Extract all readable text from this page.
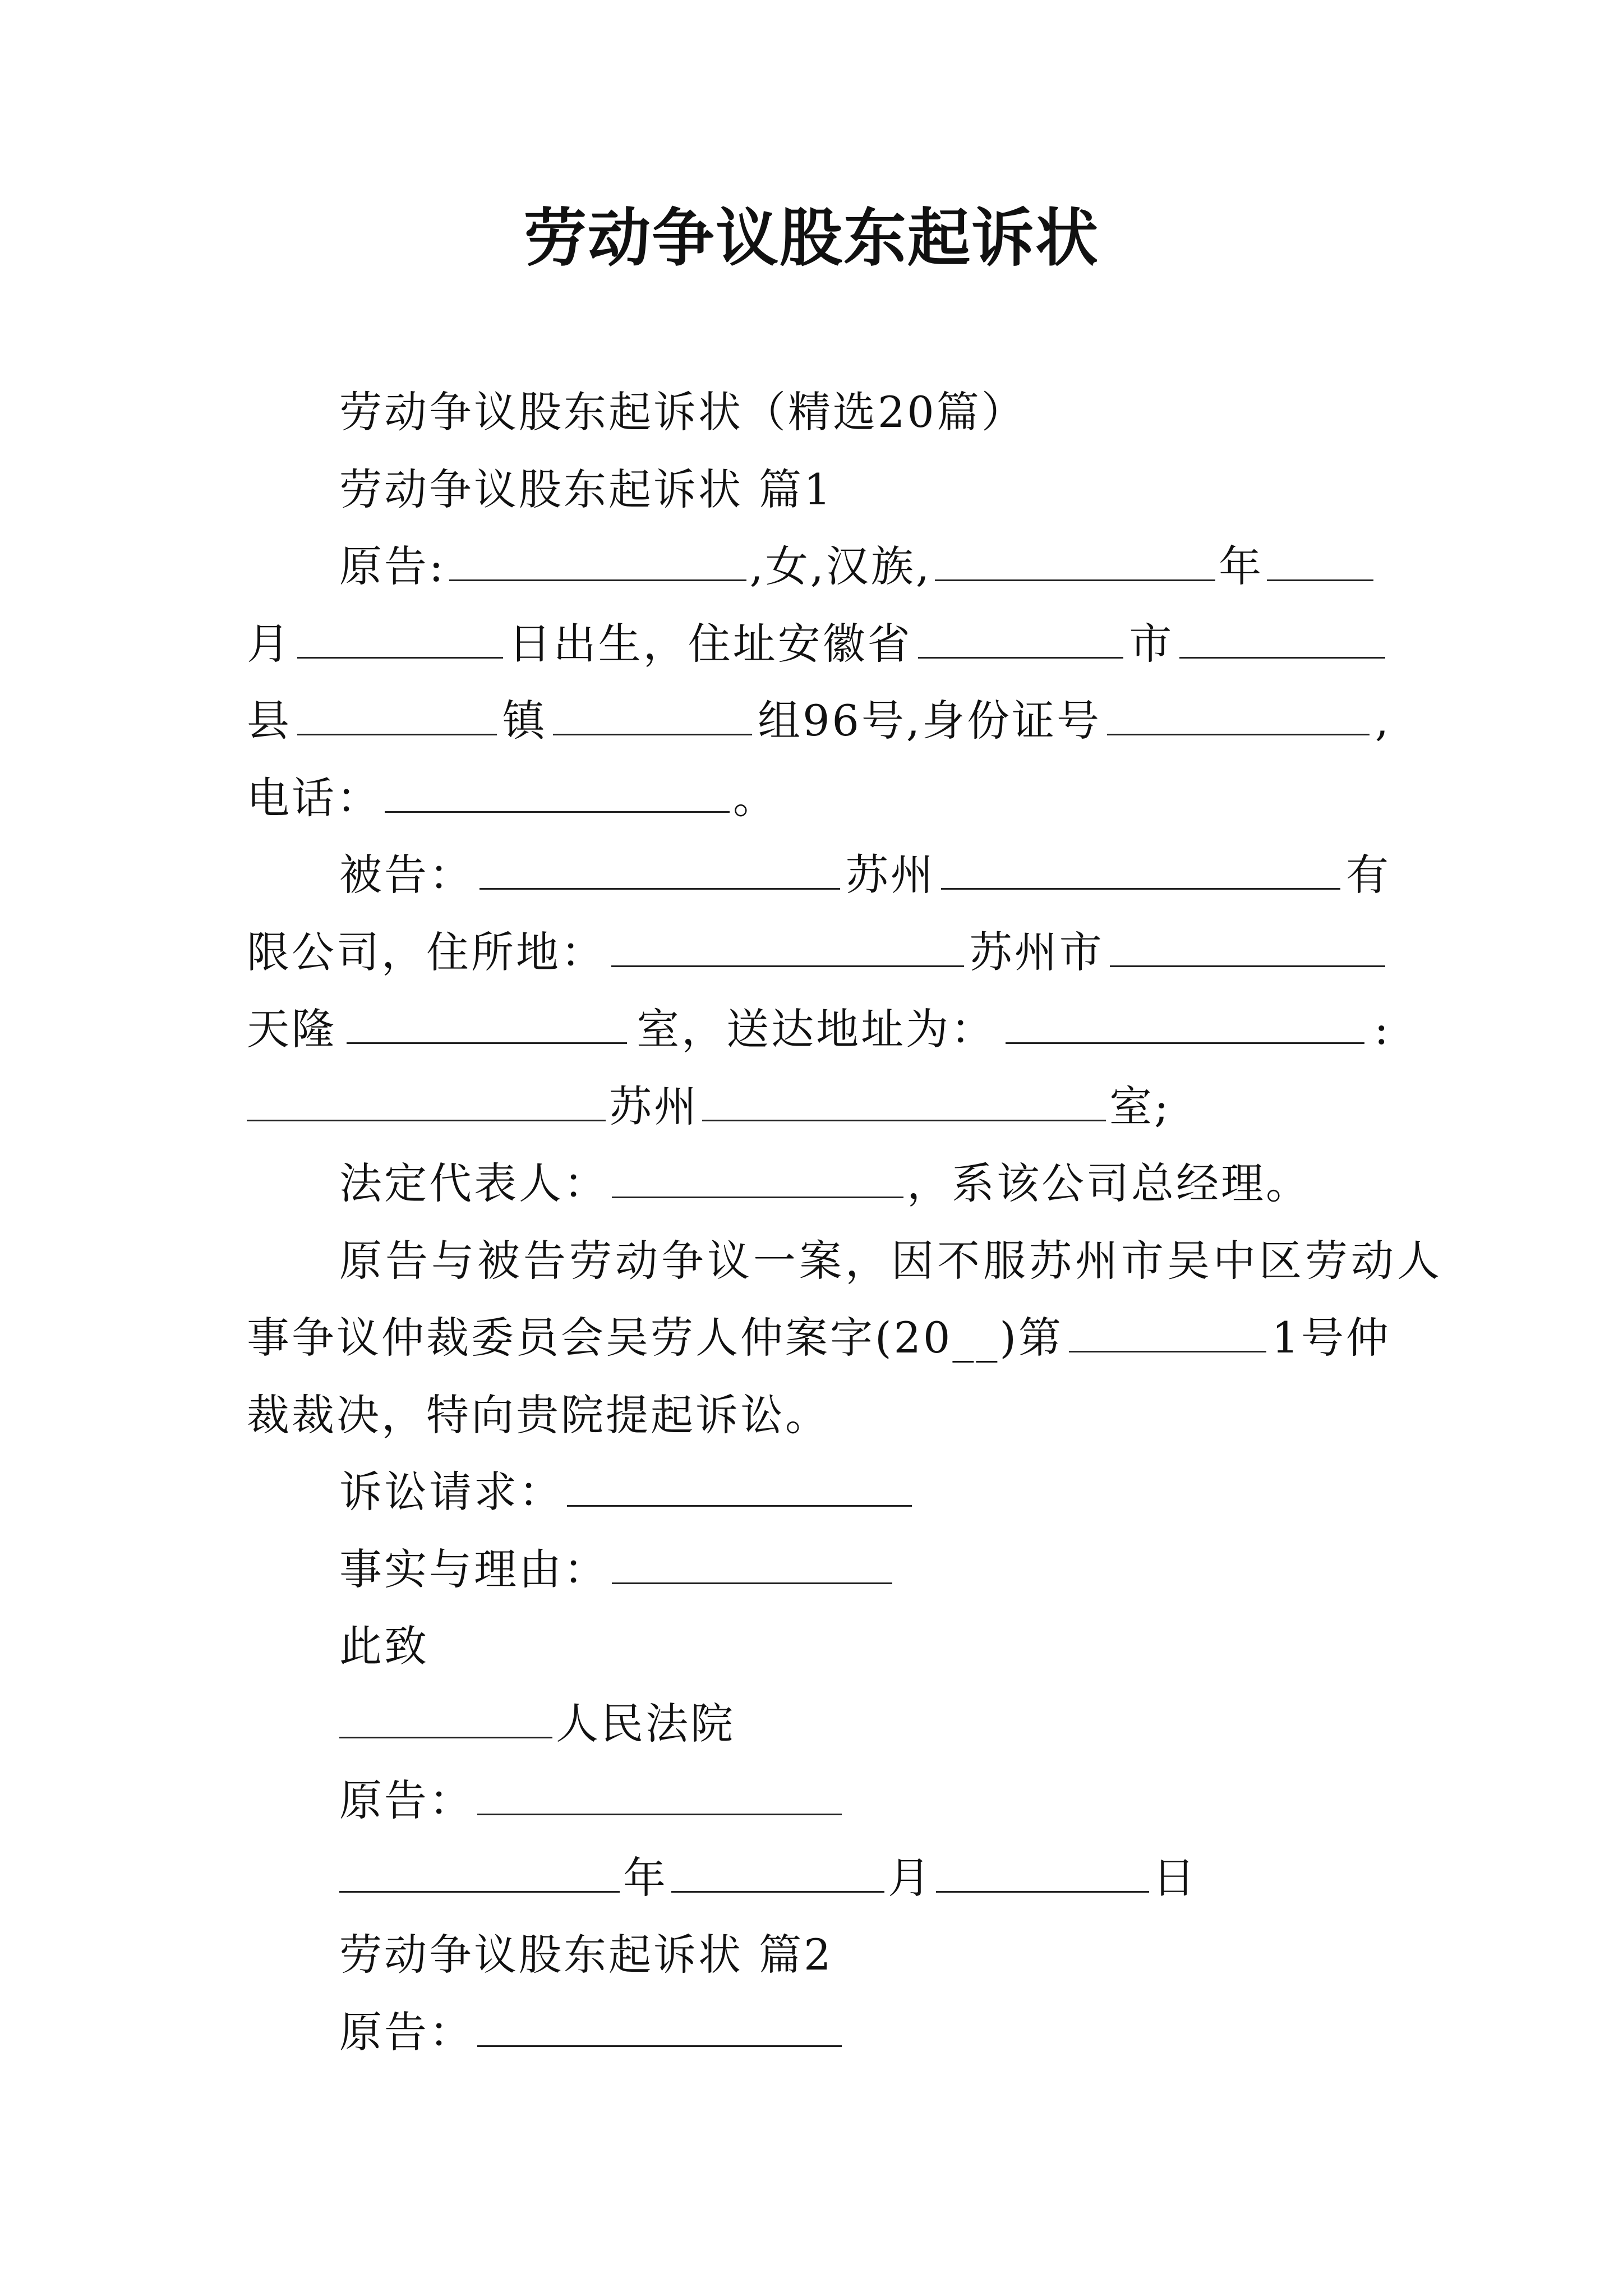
劳动争议股东起诉状
劳动争议股东起诉状（精选20篇）
劳动争议股东起诉状 篇1
原告:	,女,汉族,	年
月	日出生，住址安徽省	市
县	镇	组96号,身份证号	,
电话：	。
被告：	苏州	有
限公司，住所地：	苏州市
天隆	室，送达地址为：	:
苏州	室;
法定代表人：	，系该公司总经理。
原告与被告劳动争议一案，因不服苏州市吴中区劳动人
事争议仲裁委员会吴劳人仲案字(20__)第	1号仲
裁裁决，特向贵院提起诉讼。
诉讼请求：
事实与理由：
此致
人民法院
原告：
年	月	日
劳动争议股东起诉状 篇2
原告：
